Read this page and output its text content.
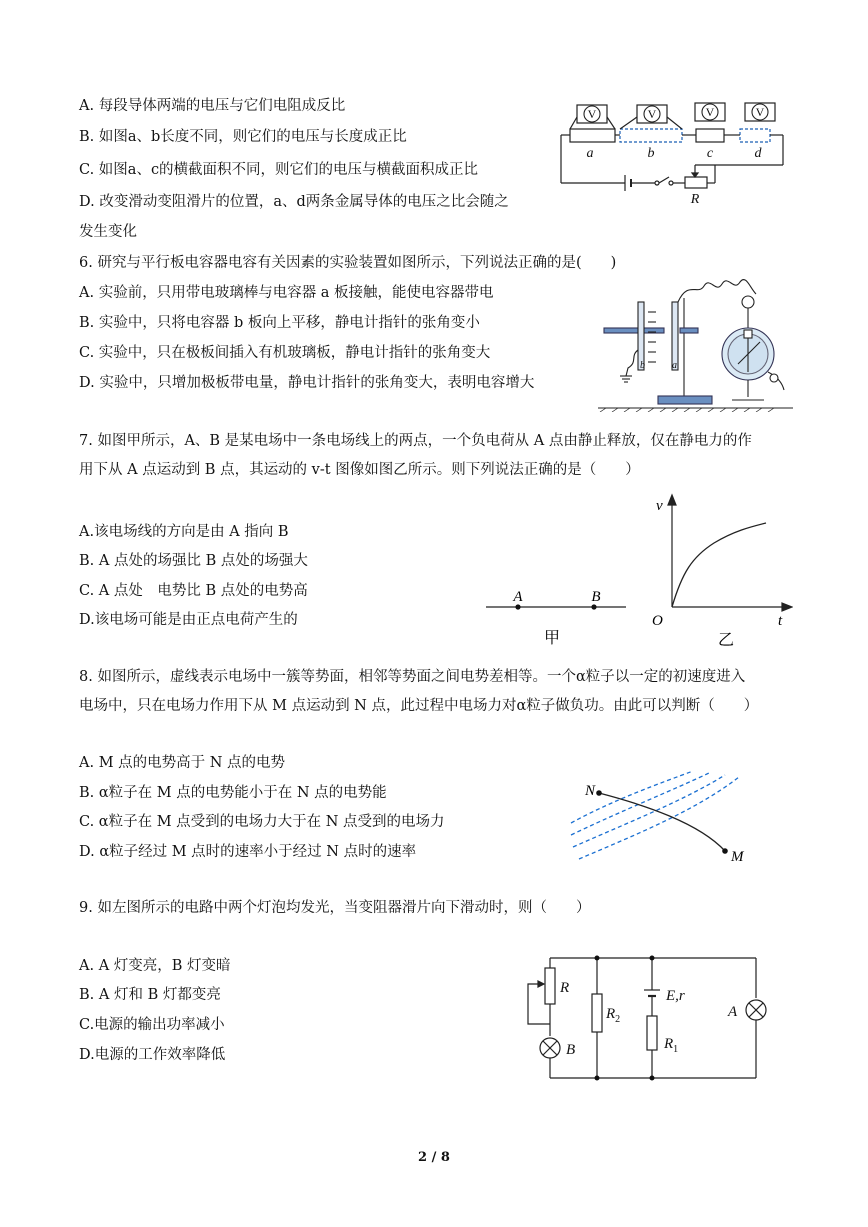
A. 每段导体两端的电压与它们电阻成反比
B. 如图a、b长度不同，则它们的电压与长度成正比
C. 如图a、c的横截面积不同，则它们的电压与横截面积成正比
D. 改变滑动变阻滑片的位置，a、d两条金属导体的电压之比会随之
发生变化
6. 研究与平行板电容器电容有关因素的实验装置如图所示，下列说法正确的是(　　)
A. 实验前，只用带电玻璃棒与电容器 a 板接触，能使电容器带电
B. 实验中，只将电容器 b 板向上平移，静电计指针的张角变小
C. 实验中，只在极板间插入有机玻璃板，静电计指针的张角变大
D. 实验中，只增加极板带电量，静电计指针的张角变大，表明电容增大
7. 如图甲所示，A、B 是某电场中一条电场线上的两点，一个负电荷从 A 点由静止释放，仅在静电力的作
用下从 A 点运动到 B 点，其运动的 v-t 图像如图乙所示。则下列说法正确的是（　　）
A.该电场线的方向是由 A 指向 B
B. A 点处的场强比 B 点处的场强大
C. A 点处　电势比 B 点处的电势高
D.该电场可能是由正点电荷产生的
8. 如图所示，虚线表示电场中一簇等势面，相邻等势面之间电势差相等。一个α粒子以一定的初速度进入
电场中，只在电场力作用下从 M 点运动到 N 点，此过程中电场力对α粒子做负功。由此可以判断（　　）
A. M 点的电势高于 N 点的电势
B. α粒子在 M 点的电势能小于在 N 点的电势能
C. α粒子在 M 点受到的电场力大于在 N 点受到的电场力
D. α粒子经过 M 点时的速率小于经过 N 点时的速率
9. 如左图所示的电路中两个灯泡均发光，当变阻器滑片向下滑动时，则（　　）
A. A 灯变亮，B 灯变暗
B. A 灯和 B 灯都变亮
C.电源的输出功率减小
D.电源的工作效率降低
V	V	V	V
a	b	c	d
R
b	a
A	B
甲
v
t
O
乙
N
M
R
$R_2$
E,r
$R_1$
A
B
2 / 8
